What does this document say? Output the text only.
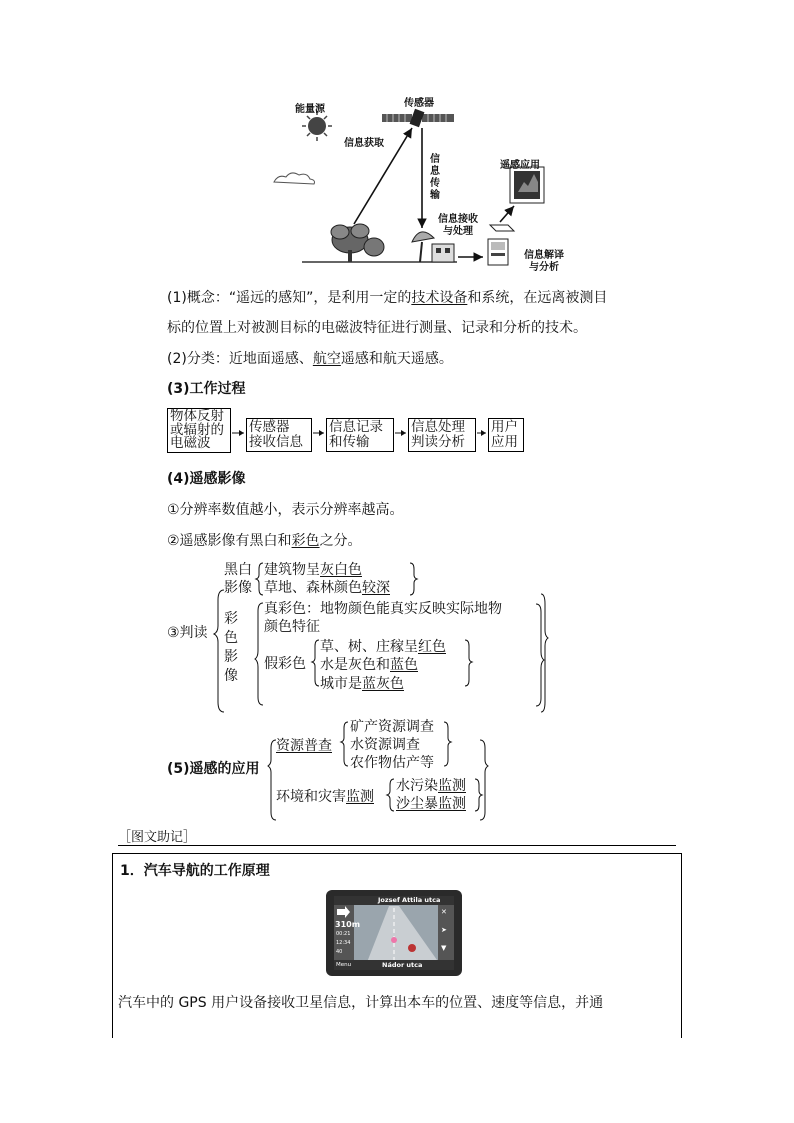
能量源
传感器
信息获取
信
息
传
输
遥感应用
信息接收
与处理
信息解译
与分析
(1)概念：“遥远的感知”，是利用一定的技术设备和系统，在远离被测目
标的位置上对被测目标的电磁波特征进行测量、记录和分析的技术。
(2)分类：近地面遥感、航空遥感和航天遥感。
(3)工作过程
物体反射
或辐射的
电磁波
传感器
接收信息
信息记录
和传输
信息处理
判读分析
用户
应用
(4)遥感影像
①分辨率数值越小，表示分辨率越高。
②遥感影像有黑白和彩色之分。
③判读
黑白
影像
建筑物呈灰白色
草地、森林颜色较深
彩
色
影
像
真彩色：地物颜色能真实反映实际地物
颜色特征
假彩色
草、树、庄稼呈红色
水是灰色和蓝色
城市是蓝灰色
(5)遥感的应用
资源普查
矿产资源调查
水资源调查
农作物估产等
环境和灾害监测
水污染监测
沙尘暴监测
［图文助记］
1．汽车导航的工作原理
Jozsef Attila utca
310m
00:21
12:34
40
Menu	Nádor utca
✕
➤
▼
汽车中的 GPS 用户设备接收卫星信息，计算出本车的位置、速度等信息，并通
